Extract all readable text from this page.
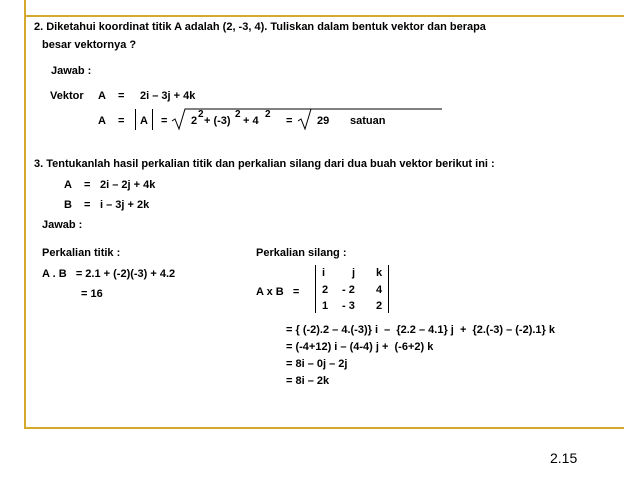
2. Diketahui koordinat titik A adalah (2, -3, 4). Tuliskan dalam bentuk vektor dan berapa
besar vektornya ?
Jawab :
Vektor A = 2i – 3j + 4k
A = A = 2
2
+ (-3)
2
+ 4
2
= 29 satuan
3. Tentukanlah hasil perkalian titik dan perkalian silang dari dua buah vektor berikut ini :
A = 2i – 2j + 4k
B = i – 3j + 2k
Jawab :
Perkalian titik :
A . B   = 2.1 + (-2)(-3) + 4.2
= 16
Perkalian silang :
A x B   =
i j k
2 - 2 4
1 - 3 2
= { (-2).2 – 4.(-3)} i  –  {2.2 – 4.1} j  +  {2.(-3) – (-2).1} k
= (-4+12) i – (4-4) j +  (-6+2) k
= 8i – 0j – 2j
= 8i – 2k
2.15
